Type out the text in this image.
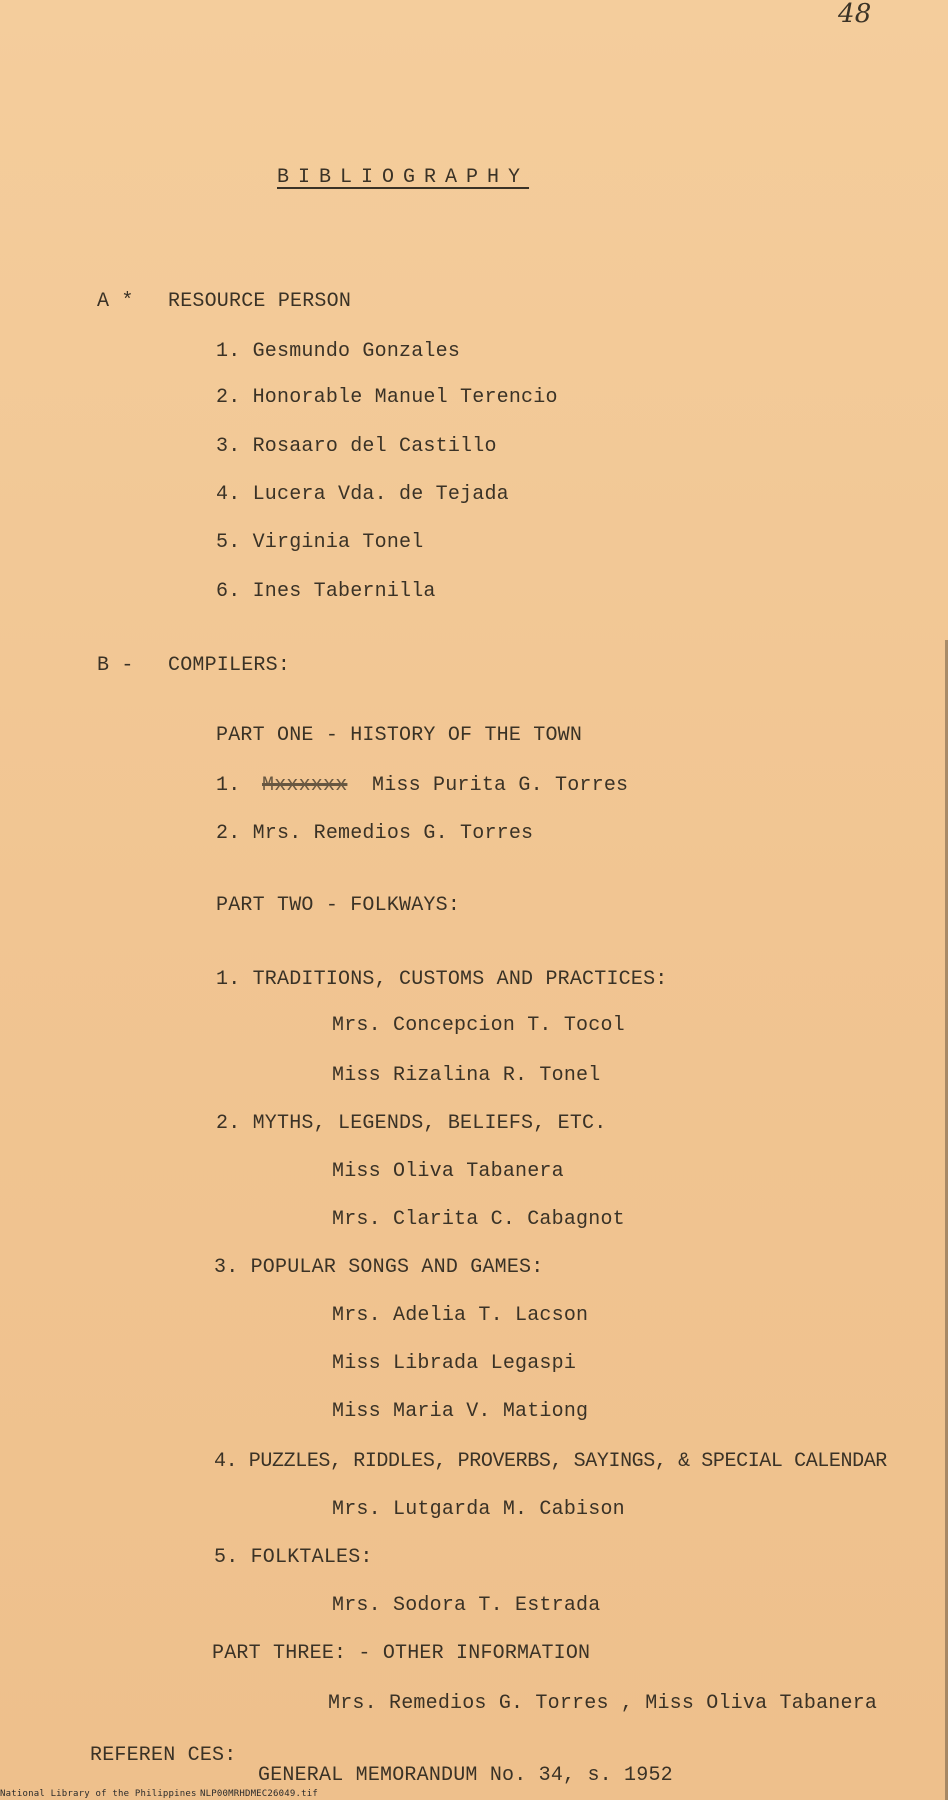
48
BIBLIOGRAPHY
A * RESOURCE PERSON
1. Gesmundo Gonzales
2. Honorable Manuel Terencio
3. Rosaaro del Castillo
4. Lucera Vda. de Tejada
5. Virginia Tonel
6. Ines Tabernilla
B - COMPILERS:
PART ONE - HISTORY OF THE TOWN
1. Mxxxxxx Miss Purita G. Torres
2. Mrs. Remedios G. Torres
PART TWO - FOLKWAYS:
1. TRADITIONS, CUSTOMS AND PRACTICES:
Mrs. Concepcion T. Tocol
Miss Rizalina R. Tonel
2. MYTHS, LEGENDS, BELIEFS, ETC.
Miss Oliva Tabanera
Mrs. Clarita C. Cabagnot
3. POPULAR SONGS AND GAMES:
Mrs. Adelia T. Lacson
Miss Librada Legaspi
Miss Maria V. Mationg
4. PUZZLES, RIDDLES, PROVERBS, SAYINGS, & SPECIAL CALENDAR
Mrs. Lutgarda M. Cabison
5. FOLKTALES:
Mrs. Sodora T. Estrada
PART THREE: - OTHER INFORMATION
Mrs. Remedios G. Torres , Miss Oliva Tabanera
REFEREN CES:
GENERAL MEMORANDUM No. 34, s. 1952
National Library of the Philippines NLP00MRHDMEC26049.tif
